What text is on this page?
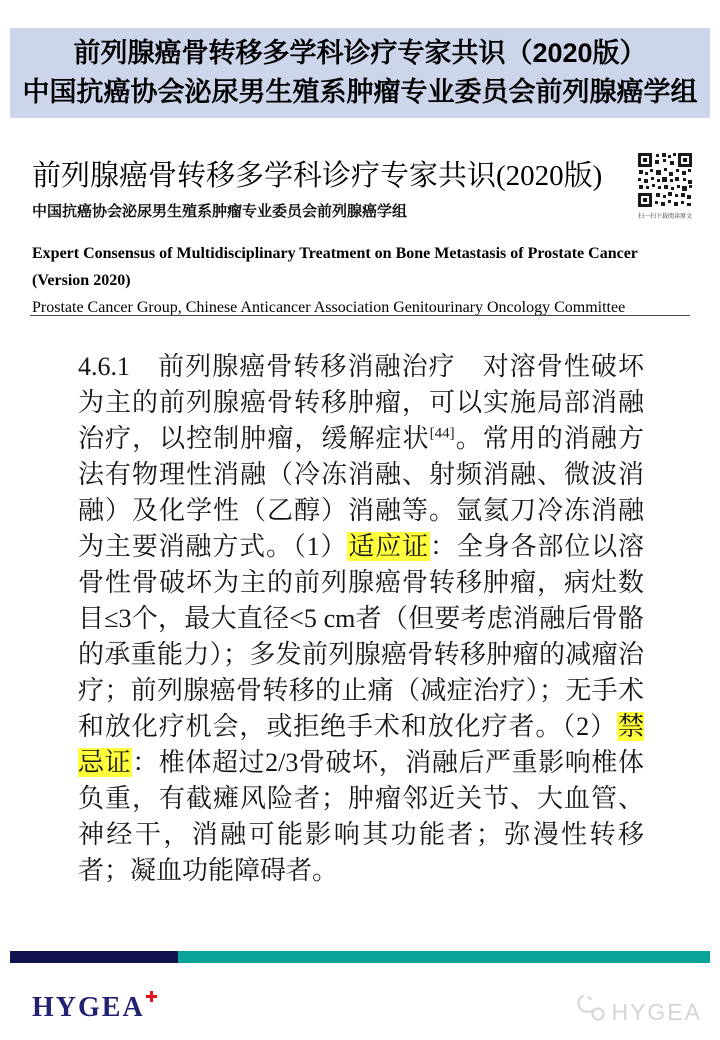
前列腺癌骨转移多学科诊疗专家共识（2020版）
中国抗癌协会泌尿男生殖系肿瘤专业委员会前列腺癌学组
前列腺癌骨转移多学科诊疗专家共识(2020版)
中国抗癌协会泌尿男生殖系肿瘤专业委员会前列腺癌学组	扫一扫下载阅读原文
Expert Consensus of Multidisciplinary Treatment on Bone Metastasis of Prostate Cancer
(Version 2020)
Prostate Cancer Group, Chinese Anticancer Association Genitourinary Oncology Committee
4.6.1　前列腺癌骨转移消融治疗　对溶骨性破坏为主的前列腺癌骨转移肿瘤，可以实施局部消融治疗，以控制肿瘤，缓解症状[44]。常用的消融方法有物理性消融（冷冻消融、射频消融、微波消融）及化学性（乙醇）消融等。氩氦刀冷冻消融为主要消融方式。（1）适应证：全身各部位以溶骨性骨破坏为主的前列腺癌骨转移肿瘤，病灶数目≤3个，最大直径<5 cm者（但要考虑消融后骨骼的承重能力）；多发前列腺癌骨转移肿瘤的减瘤治疗；前列腺癌骨转移的止痛（减症治疗）；无手术和放化疗机会，或拒绝手术和放化疗者。（2）禁忌证：椎体超过2/3骨破坏，消融后严重影响椎体负重，有截瘫风险者；肿瘤邻近关节、大血管、神经干，消融可能影响其功能者；弥漫性转移者；凝血功能障碍者。
HYGEA	HYGEA
